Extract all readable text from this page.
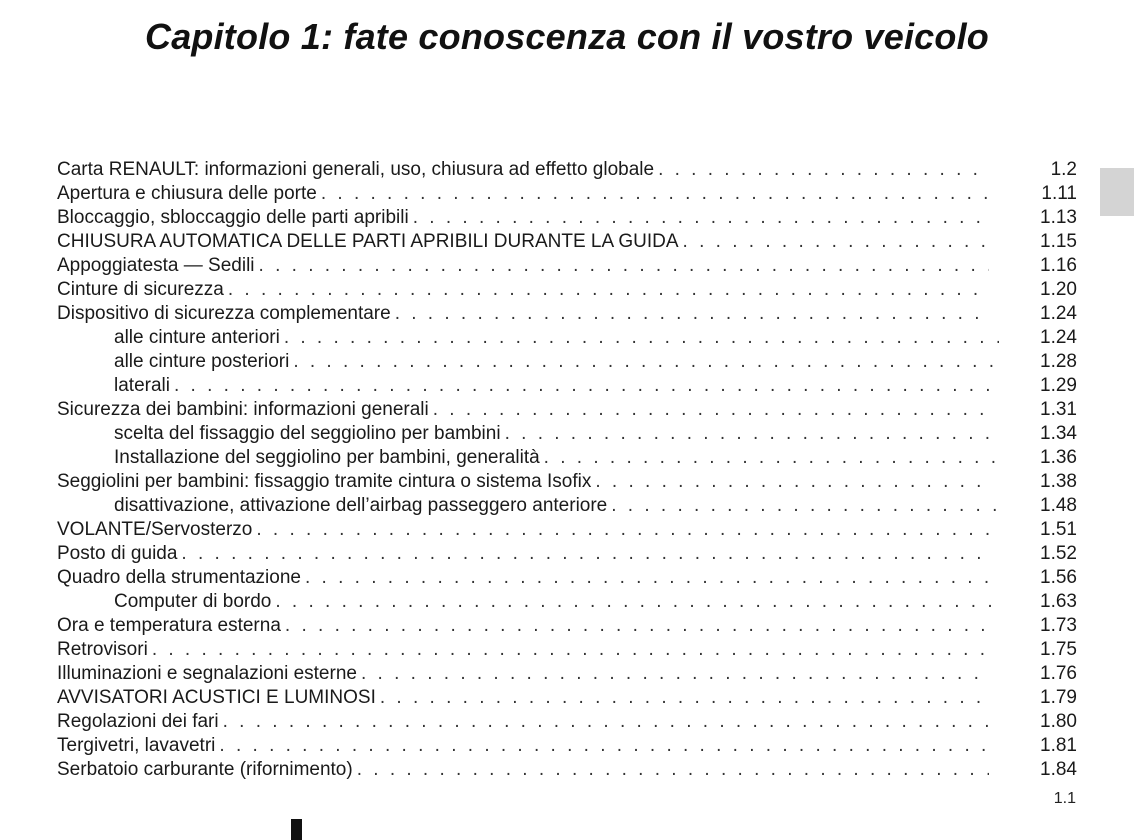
Capitolo 1: fate conoscenza con il vostro veicolo
Carta RENAULT: informazioni generali, uso, chiusura ad effetto globale . . .	1.2
Apertura e chiusura delle porte . . .	1.11
Bloccaggio, sbloccaggio delle parti apribili . . .	1.13
CHIUSURA AUTOMATICA DELLE PARTI APRIBILI DURANTE LA GUIDA . . .	1.15
Appoggiatesta — Sedili . . .	1.16
Cinture di sicurezza . . .	1.20
Dispositivo di sicurezza complementare . . .	1.24
alle cinture anteriori . . .	1.24
alle cinture posteriori . . .	1.28
laterali . . .	1.29
Sicurezza dei bambini: informazioni generali . . .	1.31
scelta del fissaggio del seggiolino per bambini . . .	1.34
Installazione del seggiolino per bambini, generalità . . .	1.36
Seggiolini per bambini: fissaggio tramite cintura o sistema Isofix . . .	1.38
disattivazione, attivazione dell’airbag passeggero anteriore . . .	1.48
VOLANTE/Servosterzo . . .	1.51
Posto di guida . . .	1.52
Quadro della strumentazione . . .	1.56
Computer di bordo . . .	1.63
Ora e temperatura esterna . . .	1.73
Retrovisori . . .	1.75
Illuminazioni e segnalazioni esterne . . .	1.76
AVVISATORI ACUSTICI E LUMINOSI . . .	1.79
Regolazioni dei fari . . .	1.80
Tergivetri, lavavetri . . .	1.81
Serbatoio carburante (rifornimento) . . .	1.84
1.1
